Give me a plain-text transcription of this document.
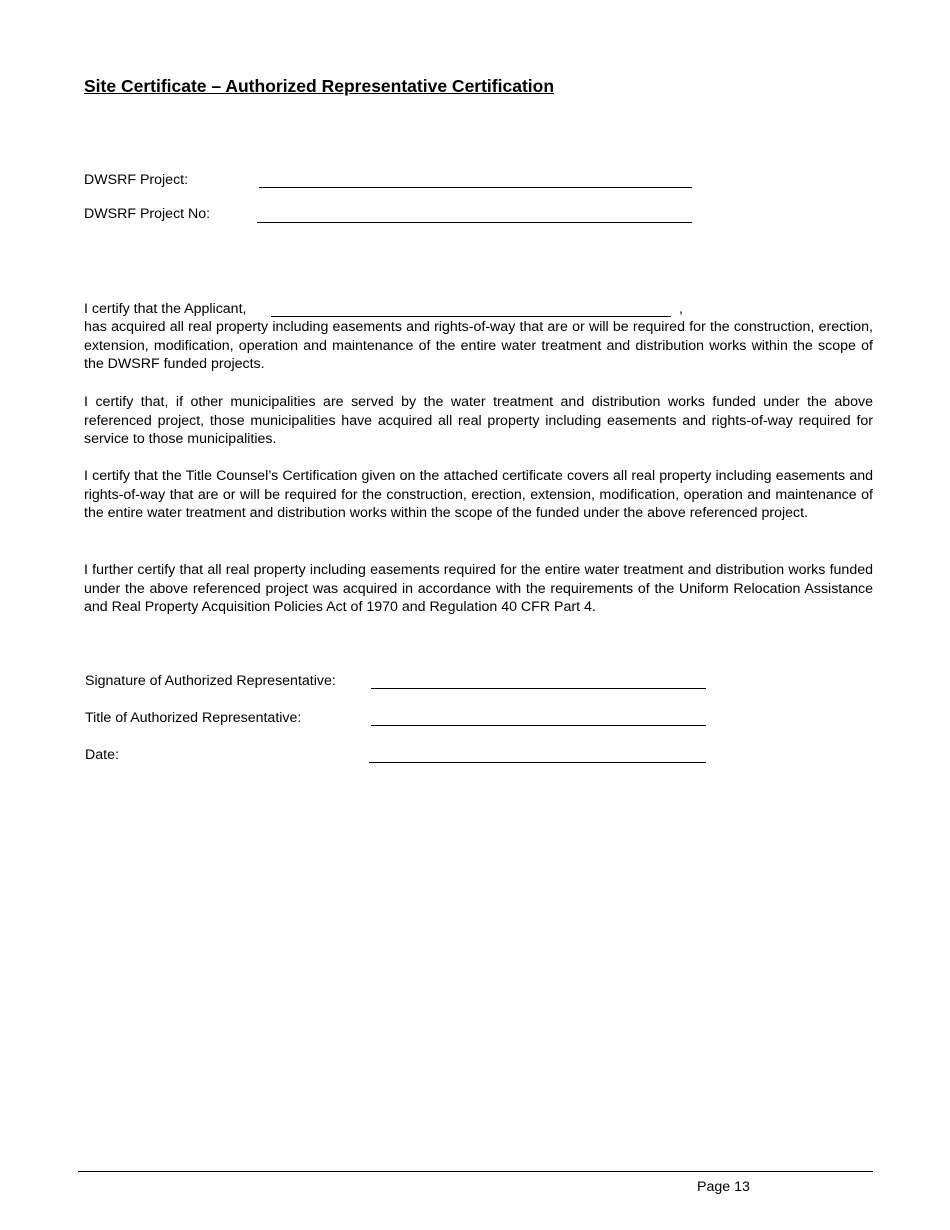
Site Certificate – Authorized Representative Certification
DWSRF Project:
DWSRF Project No:
I certify that the Applicant,	,

has acquired all real property including easements and rights-of-way that are or will be required for the construction, erection, extension, modification, operation and maintenance of the entire water treatment and distribution works within the scope of the DWSRF funded projects.

I certify that, if other municipalities are served by the water treatment and distribution works funded under the above referenced project, those municipalities have acquired all real property including easements and rights-of-way required for service to those municipalities.

I certify that the Title Counsel’s Certification given on the attached certificate covers all real property including easements and rights-of-way that are or will be required for the construction, erection, extension, modification, operation and maintenance of the entire water treatment and distribution works within the scope of the funded under the above referenced project.

I further certify that all real property including easements required for the entire water treatment and distribution works funded under the above referenced project was acquired in accordance with the requirements of the Uniform Relocation Assistance and Real Property Acquisition Policies Act of 1970 and Regulation 40 CFR Part 4.

Signature of Authorized Representative:
Title of Authorized Representative:
Date:
Page 13
